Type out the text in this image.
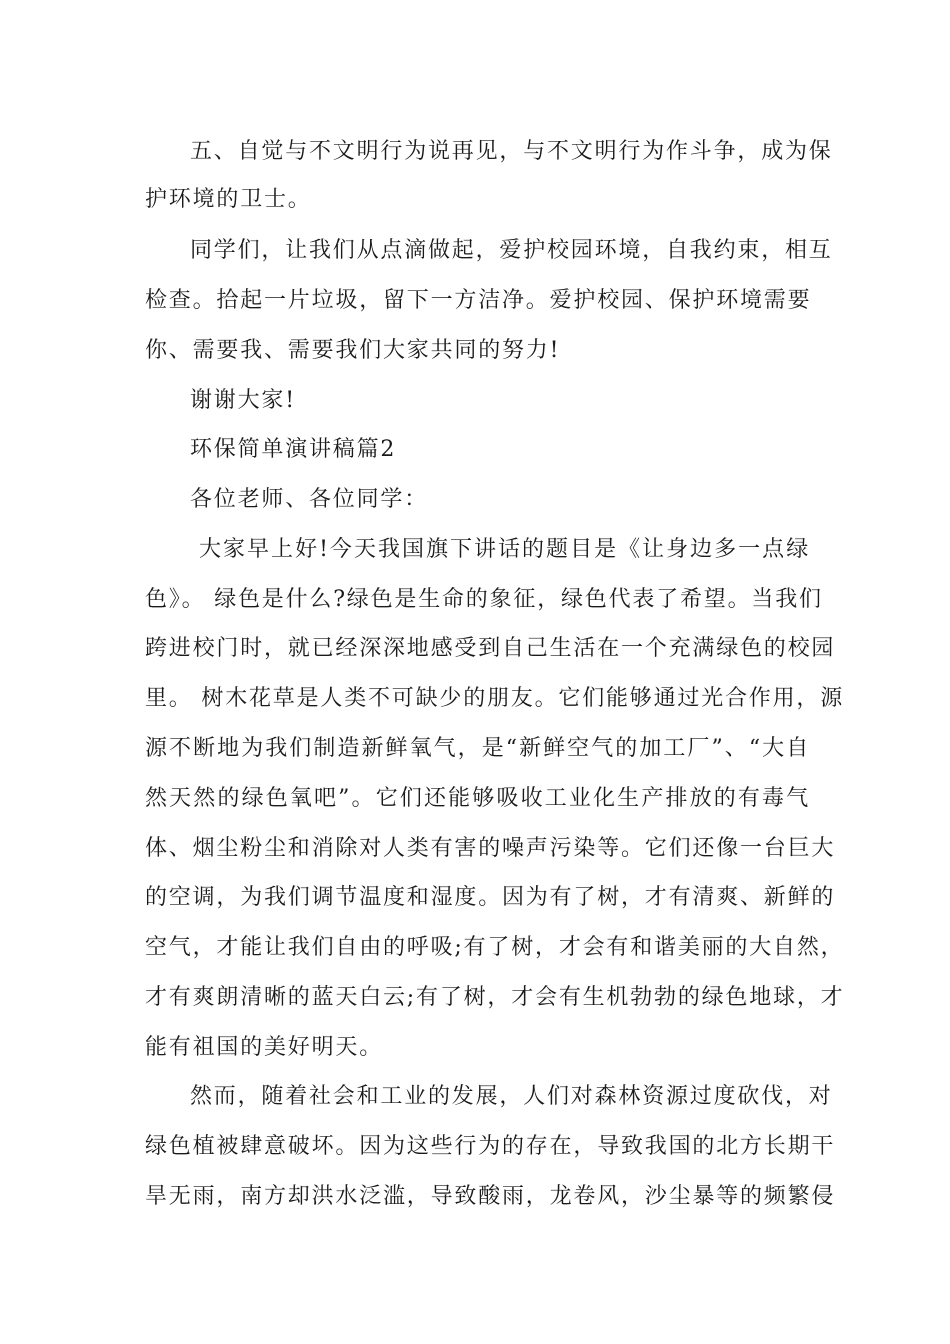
五、自觉与不文明行为说再见，与不文明行为作斗争，成为保

护环境的卫士。

同学们，让我们从点滴做起，爱护校园环境，自我约束，相互

检查。拾起一片垃圾，留下一方洁净。爱护校园、保护环境需要

你、需要我、需要我们大家共同的努力!

谢谢大家!

环保简单演讲稿篇2

各位老师、各位同学：

大家早上好!今天我国旗下讲话的题目是《让身边多一点绿

色》。 绿色是什么?绿色是生命的象征，绿色代表了希望。当我们

跨进校门时，就已经深深地感受到自己生活在一个充满绿色的校园

里。 树木花草是人类不可缺少的朋友。它们能够通过光合作用，源

源不断地为我们制造新鲜氧气，是“新鲜空气的加工厂”、“大自

然天然的绿色氧吧”。它们还能够吸收工业化生产排放的有毒气

体、烟尘粉尘和消除对人类有害的噪声污染等。它们还像一台巨大

的空调，为我们调节温度和湿度。因为有了树，才有清爽、新鲜的

空气，才能让我们自由的呼吸;有了树，才会有和谐美丽的大自然，

才有爽朗清晰的蓝天白云;有了树，才会有生机勃勃的绿色地球，才

能有祖国的美好明天。

然而，随着社会和工业的发展，人们对森林资源过度砍伐，对

绿色植被肆意破坏。因为这些行为的存在，导致我国的北方长期干

旱无雨，南方却洪水泛滥，导致酸雨，龙卷风，沙尘暴等的频繁侵
